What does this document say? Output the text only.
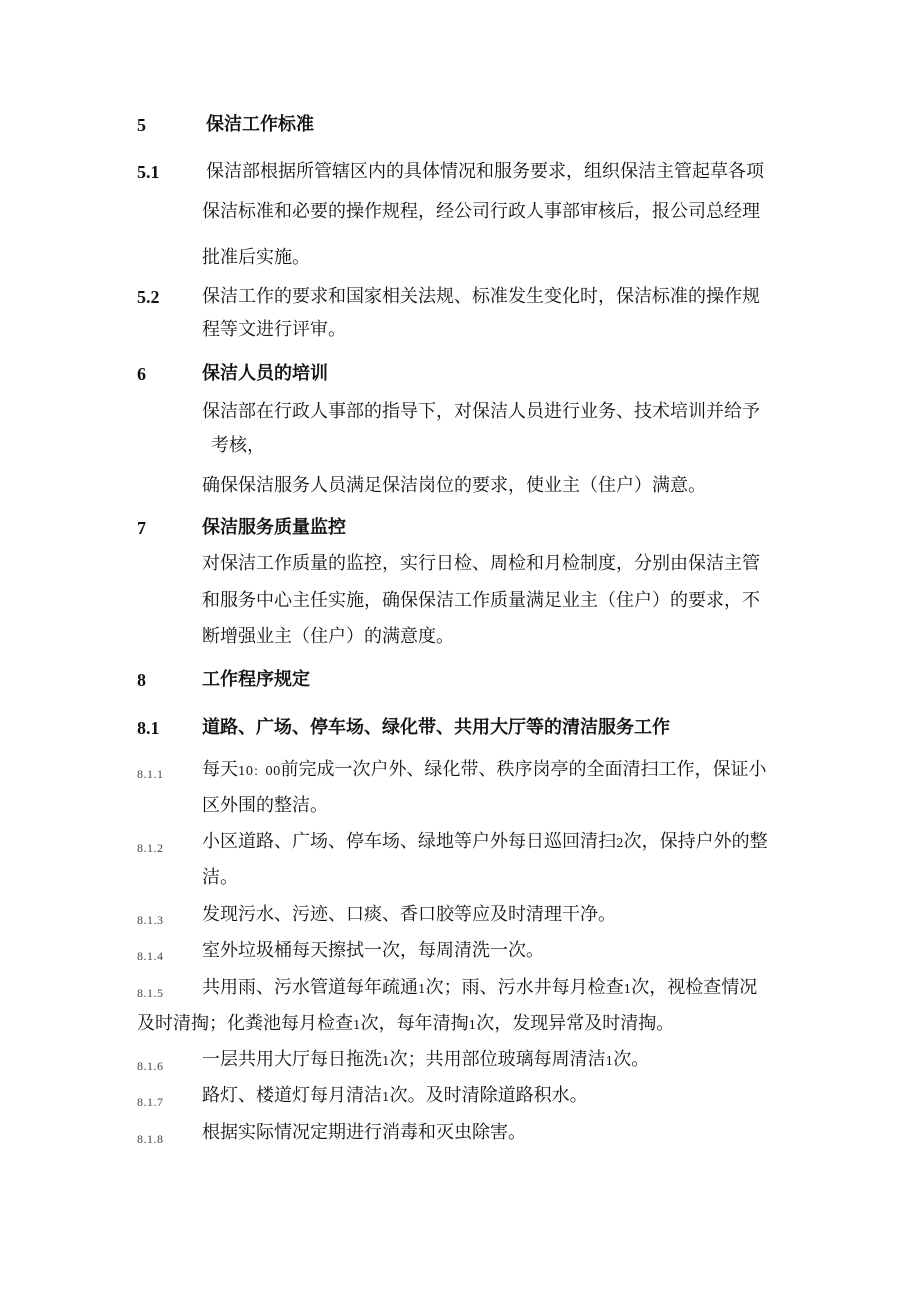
5	保洁工作标准
5.1	保洁部根据所管辖区内的具体情况和服务要求，组织保洁主管起草各项
保洁标准和必要的操作规程，经公司行政人事部审核后，报公司总经理
批准后实施。
5.2 保洁工作的要求和国家相关法规、标准发生变化时，保洁标准的操作规
程等文进行评审。
6	保洁人员的培训
保洁部在行政人事部的指导下，对保洁人员进行业务、技术培训并给予
考核，
确保保洁服务人员满足保洁岗位的要求，使业主（住户）满意。
7	保洁服务质量监控
对保洁工作质量的监控，实行日检、周检和月检制度，分别由保洁主管
和服务中心主任实施，确保保洁工作质量满足业主（住户）的要求，不
断增强业主（住户）的满意度。
8	工作程序规定
8.1 道路、广场、停车场、绿化带、共用大厅等的清洁服务工作
8.1.1 每天10：00前完成一次户外、绿化带、秩序岗亭的全面清扫工作，保证小
区外围的整洁。
8.1.2 小区道路、广场、停车场、绿地等户外每日巡回清扫2次，保持户外的整
洁。
8.1.3 发现污水、污迹、口痰、香口胶等应及时清理干净。
8.1.4 室外垃圾桶每天擦拭一次，每周清洗一次。
8.1.5 共用雨、污水管道每年疏通1次；雨、污水井每月检查1次，视检查情况
及时清掏；化粪池每月检查1次，每年清掏1次，发现异常及时清掏。
8.1.6 一层共用大厅每日拖洗1次；共用部位玻璃每周清洁1次。
8.1.7 路灯、楼道灯每月清洁1次。及时清除道路积水。
8.1.8 根据实际情况定期进行消毒和灭虫除害。
